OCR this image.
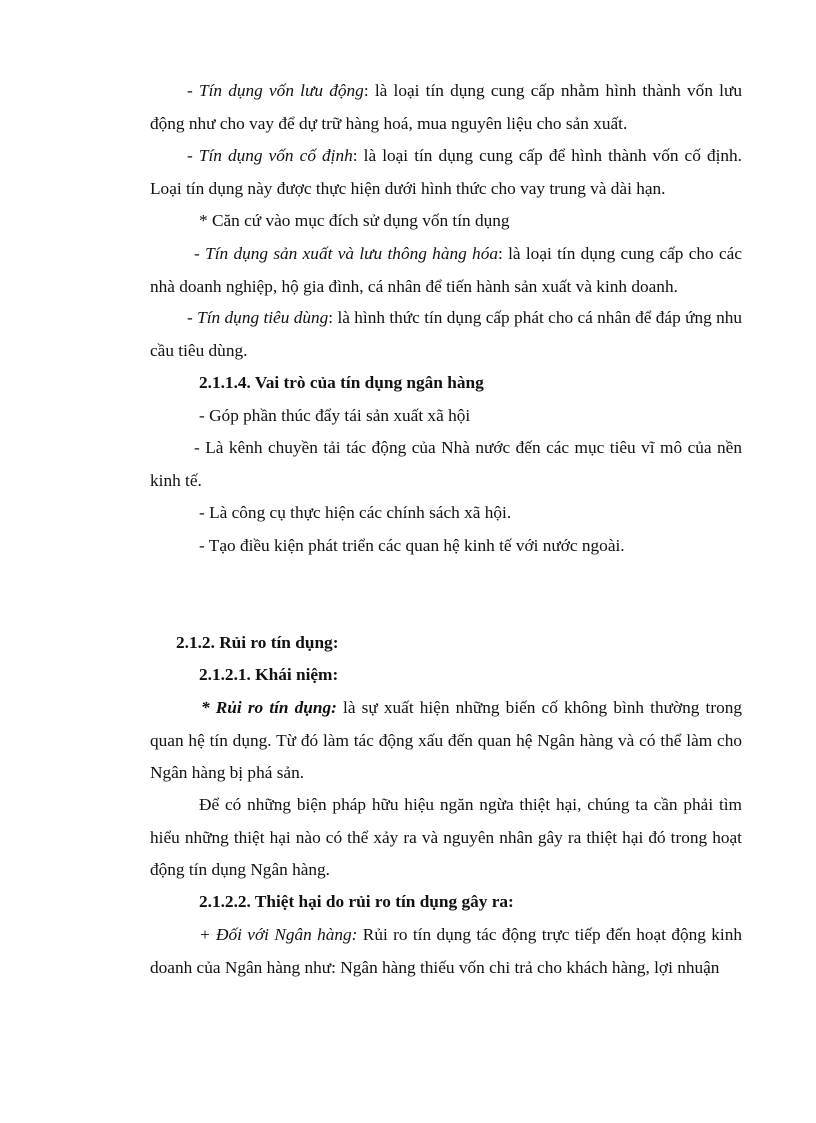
- Tín dụng vốn lưu động: là loại tín dụng cung cấp nhằm hình thành vốn lưu động như cho vay để dự trữ hàng hoá, mua nguyên liệu cho sản xuất.

- Tín dụng vốn cố định: là loại tín dụng cung cấp để hình thành vốn cố định. Loại tín dụng này được thực hiện dưới hình thức cho vay trung và dài hạn.

* Căn cứ vào mục đích sử dụng vốn tín dụng

- Tín dụng sản xuất và lưu thông hàng hóa: là loại tín dụng cung cấp cho các nhà doanh nghiệp, hộ gia đình, cá nhân để tiến hành sản xuất và kinh doanh.

- Tín dụng tiêu dùng: là hình thức tín dụng cấp phát cho cá nhân để đáp ứng nhu cầu tiêu dùng.

2.1.1.4. Vai trò của tín dụng ngân hàng

- Góp phần thúc đẩy tái sản xuất xã hội

- Là kênh chuyền tải tác động của Nhà nước đến các mục tiêu vĩ mô của nền kinh tế.

- Là công cụ thực hiện các chính sách xã hội.

- Tạo điều kiện phát triển các quan hệ kinh tế với nước ngoài.

2.1.2. Rủi ro tín dụng:

2.1.2.1. Khái niệm:

* Rủi ro tín dụng: là sự xuất hiện những biến cố không bình thường trong quan hệ tín dụng. Từ đó làm tác động xấu đến quan hệ Ngân hàng và có thể làm cho Ngân hàng bị phá sản.

Để có những biện pháp hữu hiệu ngăn ngừa thiệt hại, chúng ta cần phải tìm hiểu những thiệt hại nào có thể xảy ra và nguyên nhân gây ra thiệt hại đó trong hoạt động tín dụng Ngân hàng.

2.1.2.2. Thiệt hại do rủi ro tín dụng gây ra:

+ Đối với Ngân hàng: Rủi ro tín dụng tác động trực tiếp đến hoạt động kinh doanh của Ngân hàng như: Ngân hàng thiếu vốn chi trả cho khách hàng, lợi nhuận
